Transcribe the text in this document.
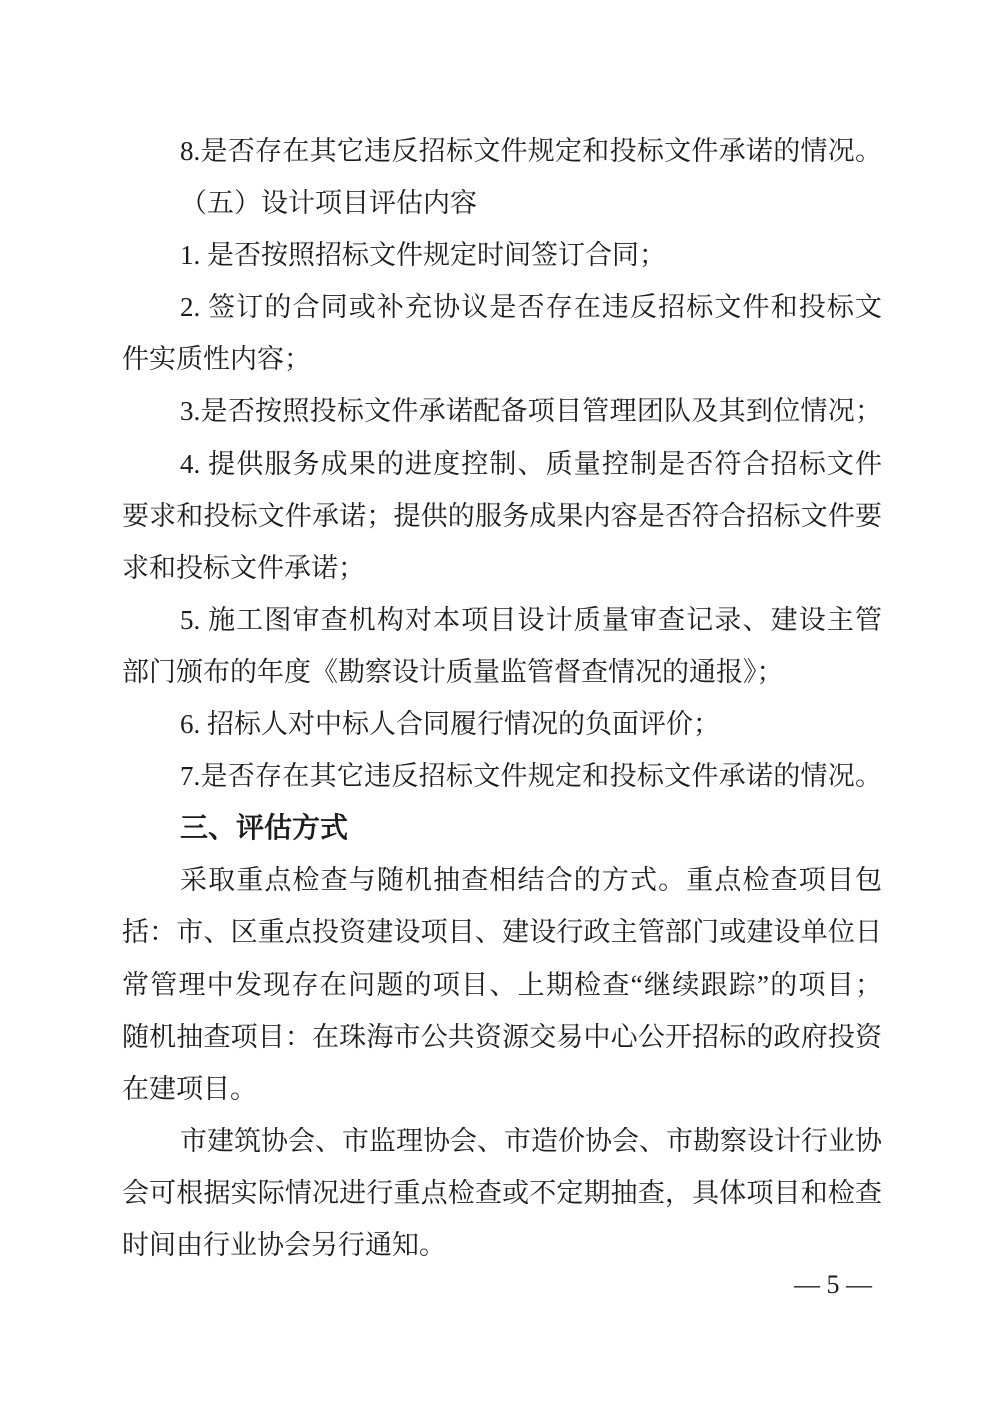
8.是否存在其它违反招标文件规定和投标文件承诺的情况。
（五）设计项目评估内容
1. 是否按照招标文件规定时间签订合同；
2. 签订的合同或补充协议是否存在违反招标文件和投标文
件实质性内容；
3.是否按照投标文件承诺配备项目管理团队及其到位情况；
4. 提供服务成果的进度控制、质量控制是否符合招标文件
要求和投标文件承诺；提供的服务成果内容是否符合招标文件要
求和投标文件承诺；
5. 施工图审查机构对本项目设计质量审查记录、建设主管
部门颁布的年度《勘察设计质量监管督查情况的通报》；
6. 招标人对中标人合同履行情况的负面评价；
7.是否存在其它违反招标文件规定和投标文件承诺的情况。
三、评估方式
采取重点检查与随机抽查相结合的方式。重点检查项目包
括：市、区重点投资建设项目、建设行政主管部门或建设单位日
常管理中发现存在问题的项目、上期检查“继续跟踪”的项目；
随机抽查项目：在珠海市公共资源交易中心公开招标的政府投资
在建项目。
市建筑协会、市监理协会、市造价协会、市勘察设计行业协
会可根据实际情况进行重点检查或不定期抽查，具体项目和检查
时间由行业协会另行通知。
— 5 —
